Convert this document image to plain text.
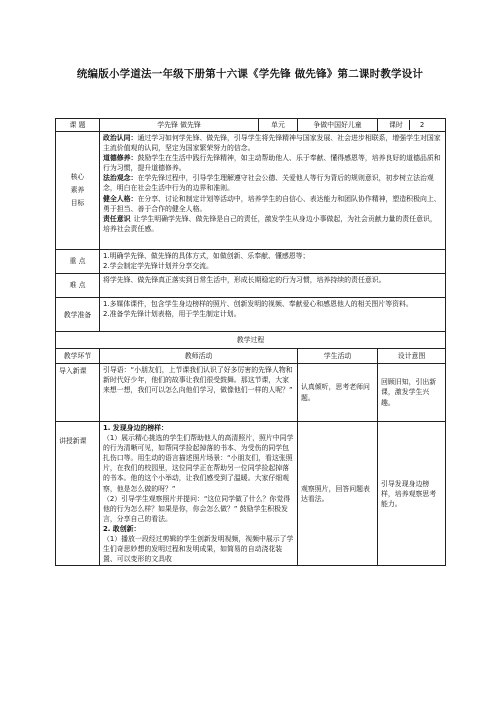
统编版小学道法一年级下册第十六课《学先锋 做先锋》第二课时教学设计
课 题	学先锋 做先锋	单元	争做中国好儿童	课时 2

核心素养目标	政治认同：通过学习如何学先锋、做先锋，引导学生将先锋精神与国家发展、社会进步相联系，增强学生对国家主流价值观的认同，坚定为国家繁荣努力的信念。
道德修养：鼓励学生在生活中践行先锋精神，如主动帮助他人、乐于奉献、懂得感恩等，培养良好的道德品质和行为习惯，提升道德修养。
法治观念：在学先锋过程中，引导学生理解遵守社会公德、关爱他人等行为背后的规则意识，初步树立法治观念，明白在社会生活中行为的边界和准则。
健全人格：在分享、讨论和制定计划等活动中，培养学生的自信心、表达能力和团队协作精神，塑造积极向上、勇于担当、善于合作的健全人格。
责任意识 让学生明确学先锋、做先锋是自己的责任，激发学生从身边小事做起，为社会贡献力量的责任意识，培养社会责任感。			

重 点	1.明确学先锋、做先锋的具体方式，如做创新、乐奉献、懂感恩等；
2.学会制定学先锋计划并分享交流。			

难 点	将学先锋、做先锋真正落实到日常生活中，形成长期稳定的行为习惯，培养持续的责任意识。			

教学准备	1.多媒体课件，包含学生身边榜样的照片、创新发明的视频、奉献爱心和感恩他人的相关图片等资料。
2.准备学先锋计划表格，用于学生制定计划。			

教学过程				
教学环节	教师活动		学生活动	设计意图
导入新课	引导语：“小朋友们，上节课我们认识了好多厉害的先锋人物和新时代好少年，他们的故事让我们很受鼓舞。那这节课，大家来想一想，我们可以怎么向他们学习，做像他们一样的人呢？”		认真倾听，思考老师问题。	回顾旧知，引出新课，激发学生兴趣。
讲授新课	1. 发现身边的榜样：
（1）展示精心挑选的学生们帮助他人的高清照片，照片中同学的行为清晰可见，如帮同学捡起掉落的书本、为受伤的同学包扎伤口等。用生动的语言描述照片场景：“小朋友们，看这张照片，在我们的校园里，这位同学正在帮助另一位同学捡起掉落的书本。他的这个小举动，让我们感受到了温暖。大家仔细观察，他是怎么做的呀？”
（2）引导学生观察照片并提问：“这位同学做了什么？你觉得他的行为怎么样？如果是你，你会怎么做？” 鼓励学生积极发言，分享自己的看法。
2. 敢创新：
（1）播放一段经过剪辑的学生创新发明视频，视频中展示了学生们奇思妙想的发明过程和发明成果，如简易的自动浇花装置、可以变形的文具收		观察照片，回答问题表达看法。	引导发现身边榜样，培养观察思考能力。
